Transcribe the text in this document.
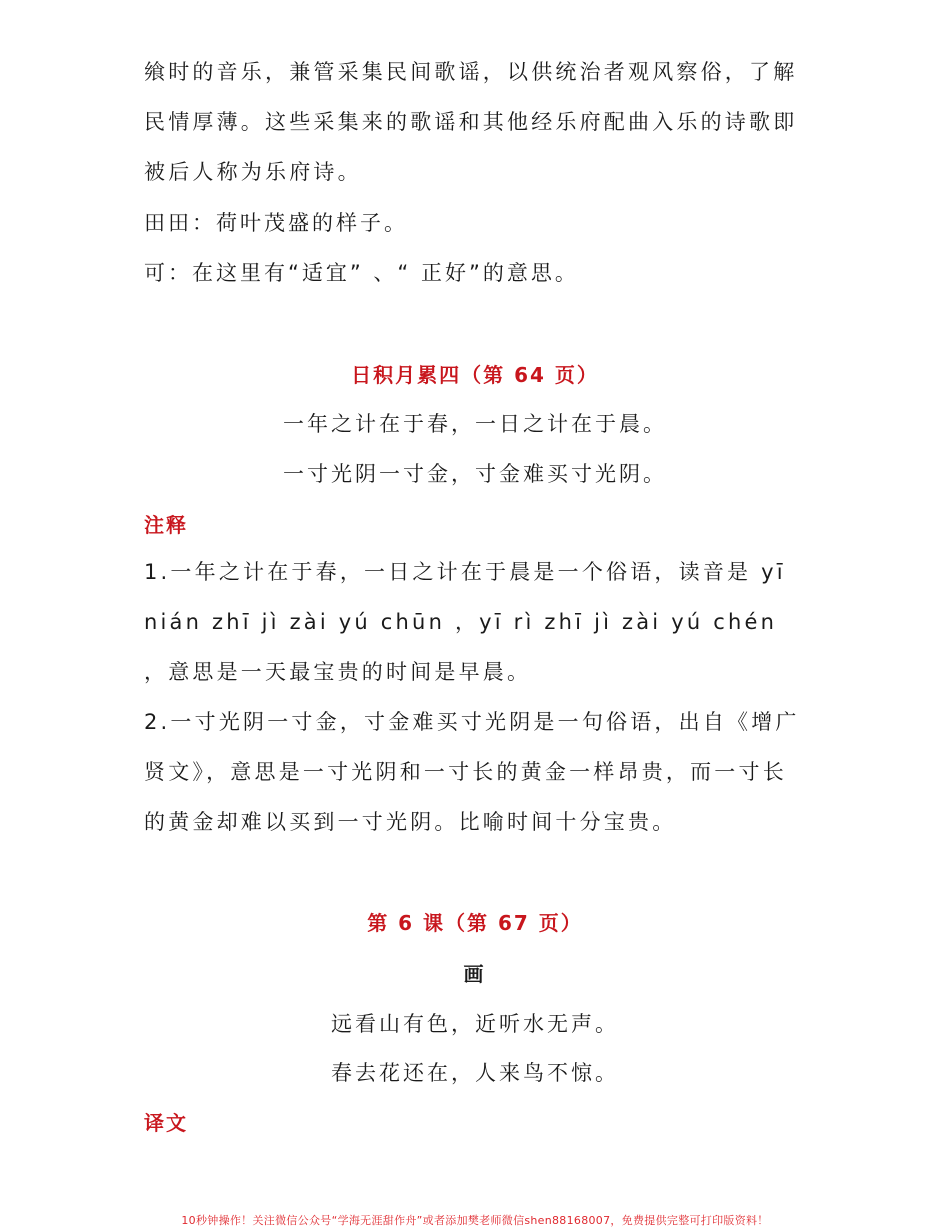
飨时的音乐，兼管采集民间歌谣，以供统治者观风察俗，了解民情厚薄。这些采集来的歌谣和其他经乐府配曲入乐的诗歌即被后人称为乐府诗。

田田：荷叶茂盛的样子。
可：在这里有“适宜” 、“ 正好”的意思。
日积月累四（第 64 页）
一年之计在于春，一日之计在于晨。
一寸光阴一寸金，寸金难买寸光阴。
注释

1.一年之计在于春，一日之计在于晨是一个俗语，读音是 yī nián zhī jì zài yú chūn ，yī rì zhī jì zài yú chén ，意思是一天最宝贵的时间是早晨。

2.一寸光阴一寸金，寸金难买寸光阴是一句俗语，出自《增广贤文》，意思是一寸光阴和一寸长的黄金一样昂贵，而一寸长的黄金却难以买到一寸光阴。比喻时间十分宝贵。

第 6 课（第 67 页）
画
远看山有色，近听水无声。
春去花还在，人来鸟不惊。
译文
10秒钟操作！关注微信公众号“学海无涯甜作舟”或者添加樊老师微信shen88168007，免费提供完整可打印版资料！
